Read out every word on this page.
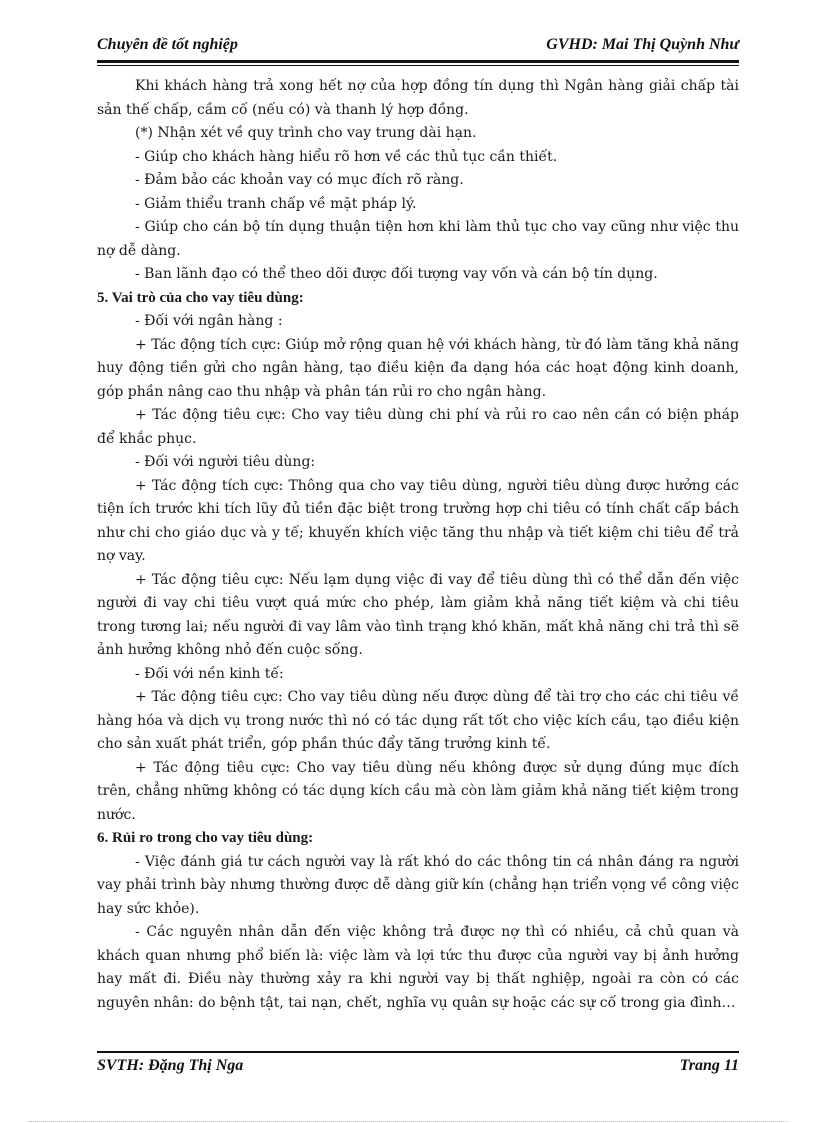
Chuyên đề tốt nghiệp	GVHD: Mai Thị Quỳnh Như

Khi khách hàng trả xong hết nợ của hợp đồng tín dụng thì Ngân hàng giải chấp tài sản thế chấp, cầm cố (nếu có) và thanh lý hợp đồng.

(*) Nhận xét về quy trình cho vay trung dài hạn.

- Giúp cho khách hàng hiểu rõ hơn về các thủ tục cần thiết.

- Đảm bảo các khoản vay có mục đích rõ ràng.

- Giảm thiểu tranh chấp về mặt pháp lý.

- Giúp cho cán bộ tín dụng thuận tiện hơn khi làm thủ tục cho vay cũng như việc thu nợ dễ dàng.

- Ban lãnh đạo có thể theo dõi được đối tượng vay vốn và cán bộ tín dụng.

5. Vai trò của cho vay tiêu dùng:

- Đối với ngân hàng :

+ Tác động tích cực: Giúp mở rộng quan hệ với khách hàng, từ đó làm tăng khả năng huy động tiền gửi cho ngân hàng, tạo điều kiện đa dạng hóa các hoạt động kinh doanh, góp phần nâng cao thu nhập và phân tán rủi ro cho ngân hàng.

+ Tác động tiêu cực: Cho vay tiêu dùng chi phí và rủi ro cao nên cần có biện pháp để khắc phục.

- Đối với người tiêu dùng:

+ Tác động tích cực: Thông qua cho vay tiêu dùng, người tiêu dùng được hưởng các tiện ích trước khi tích lũy đủ tiền đặc biệt trong trường hợp chi tiêu có tính chất cấp bách như chi cho giáo dục và y tế; khuyến khích việc tăng thu nhập và tiết kiệm chi tiêu để trả nợ vay.

+ Tác động tiêu cực: Nếu lạm dụng việc đi vay để tiêu dùng thì có thể dẫn đến việc người đi vay chi tiêu vượt quá mức cho phép, làm giảm khả năng tiết kiệm và chi tiêu trong tương lai; nếu người đi vay lâm vào tình trạng khó khăn, mất khả năng chi trả thì sẽ ảnh hưởng không nhỏ đến cuộc sống.

- Đối với nền kinh tế:

+ Tác động tiêu cực: Cho vay tiêu dùng nếu được dùng để tài trợ cho các chi tiêu về hàng hóa và dịch vụ trong nước thì nó có tác dụng rất tốt cho việc kích cầu, tạo điều kiện cho sản xuất phát triển, góp phần thúc đẩy tăng trưởng kinh tế.

+ Tác động tiêu cực: Cho vay tiêu dùng nếu không được sử dụng đúng mục đích trên, chẳng những không có tác dụng kích cầu mà còn làm giảm khả năng tiết kiệm trong nước.

6. Rủi ro trong cho vay tiêu dùng:

- Việc đánh giá tư cách người vay là rất khó do các thông tin cá nhân đáng ra người vay phải trình bày nhưng thường được dễ dàng giữ kín (chẳng hạn triển vọng về công việc hay sức khỏe).

- Các nguyên nhân dẫn đến việc không trả được nợ thì có nhiều, cả chủ quan và khách quan nhưng phổ biến là: việc làm và lợi tức thu được của người vay bị ảnh hưởng hay mất đi. Điều này thường xảy ra khi người vay bị thất nghiệp, ngoài ra còn có các nguyên nhân: do bệnh tật, tai nạn, chết, nghĩa vụ quân sự hoặc các sự cố trong gia đình…

SVTH: Đặng Thị Nga	Trang 11
